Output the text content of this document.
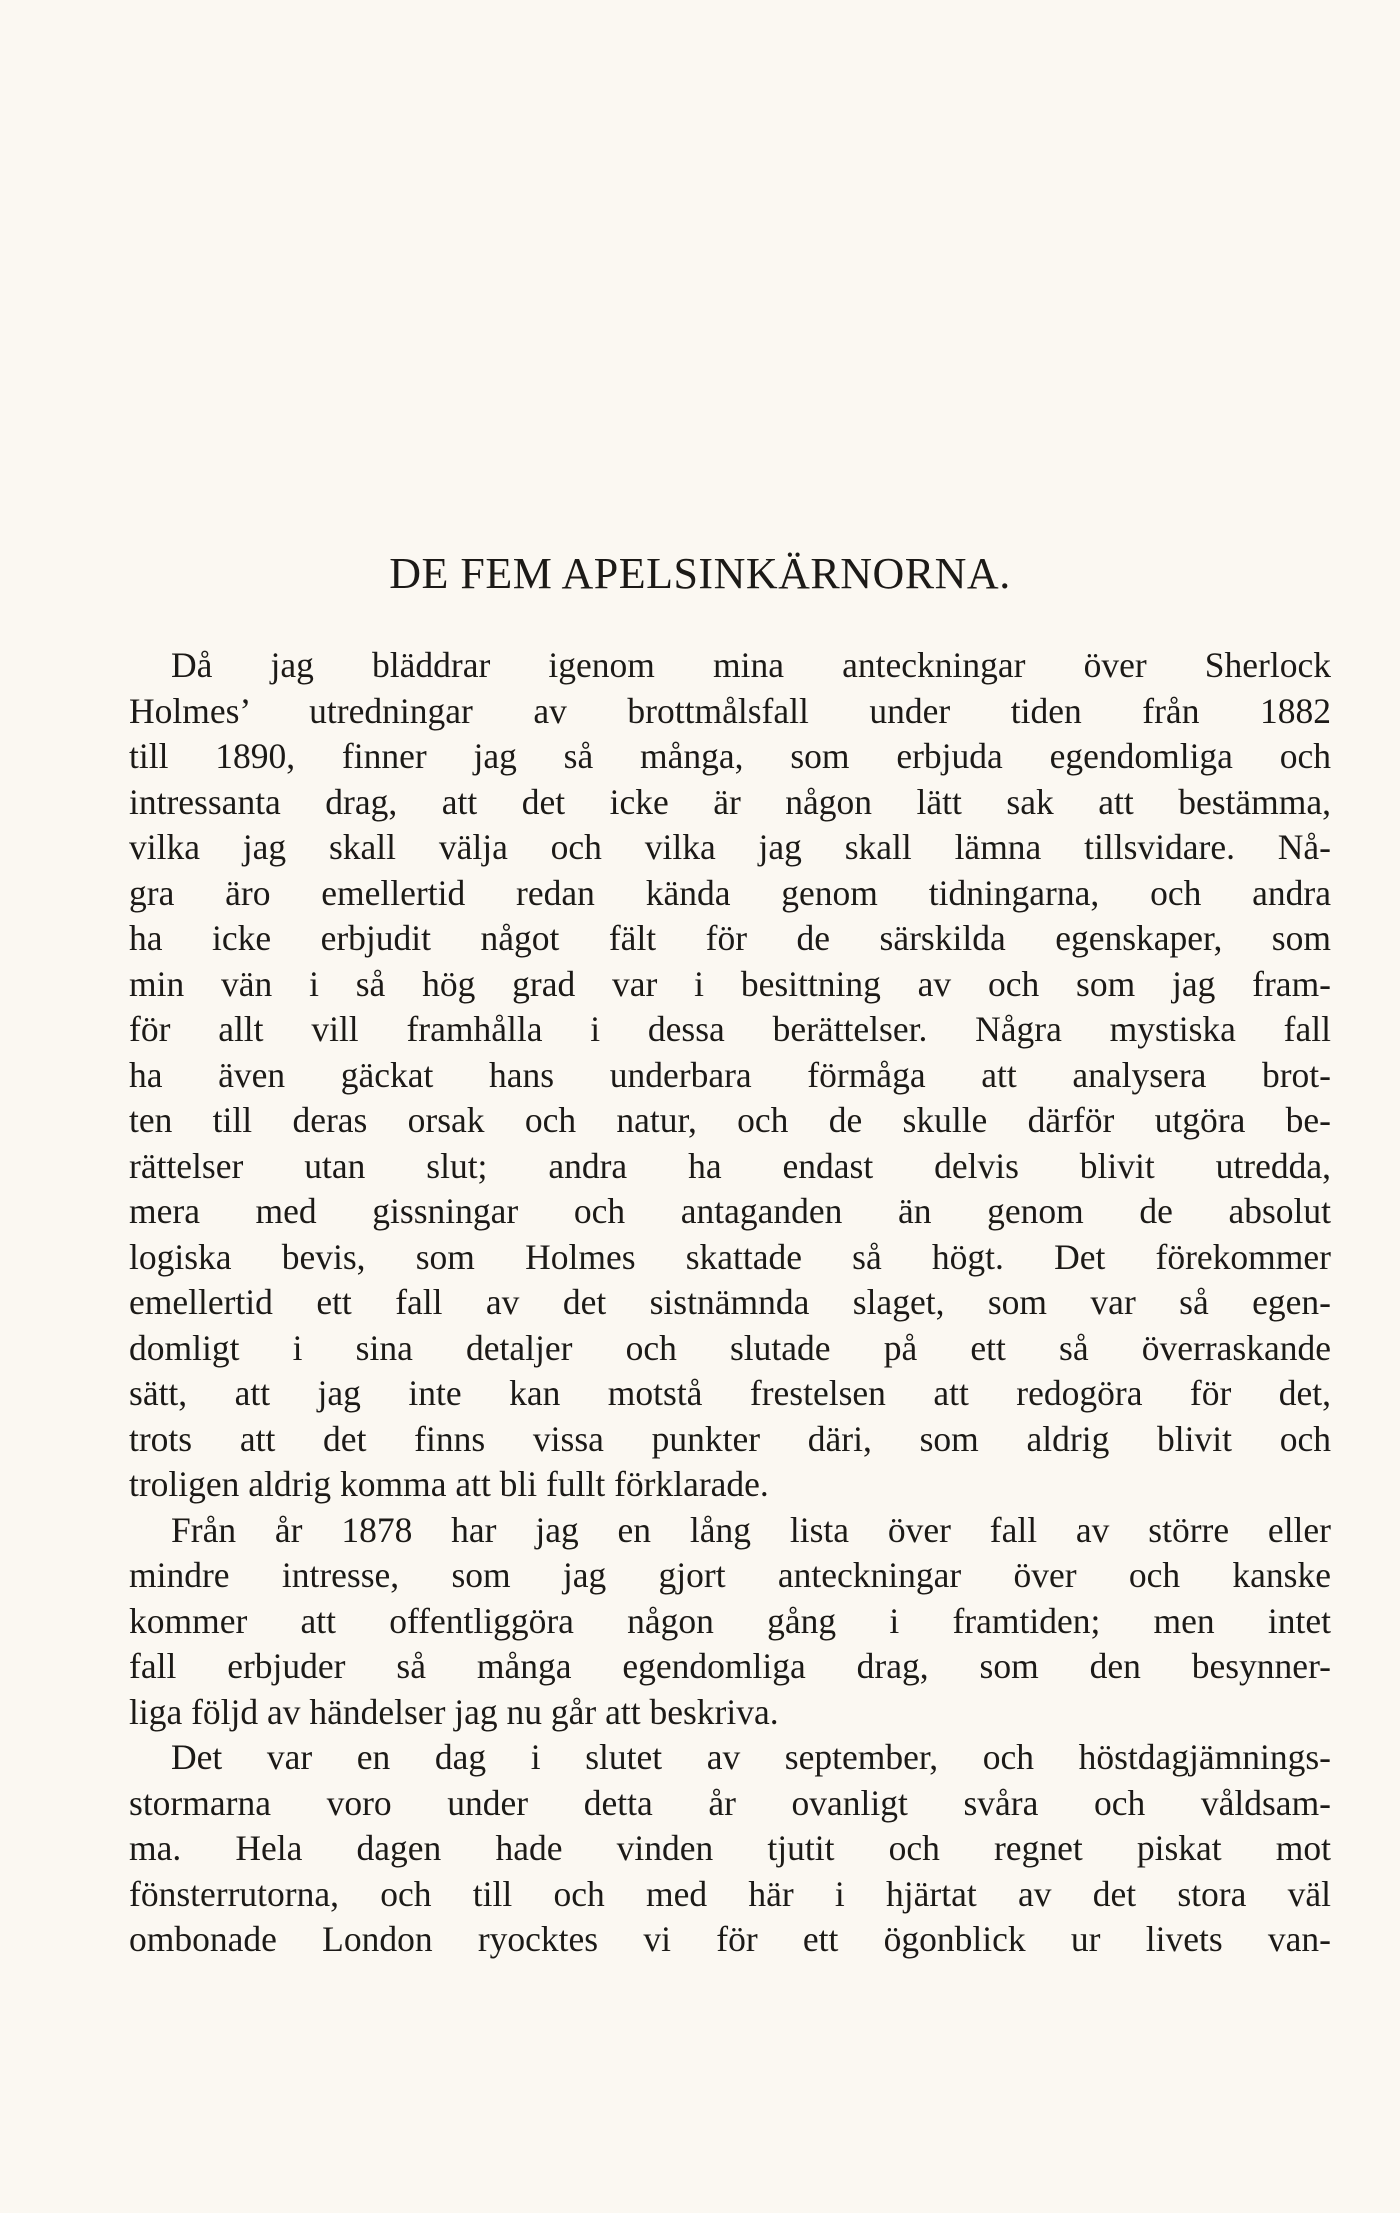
DE FEM APELSINKÄRNORNA.
Då jag bläddrar igenom mina anteckningar över Sherlock
Holmes’ utredningar av brottmålsfall under tiden från 1882
till 1890, finner jag så många, som erbjuda egendomliga och
intressanta drag, att det icke är någon lätt sak att bestämma,
vilka jag skall välja och vilka jag skall lämna tillsvidare. Nå-
gra äro emellertid redan kända genom tidningarna, och andra
ha icke erbjudit något fält för de särskilda egenskaper, som
min vän i så hög grad var i besittning av och som jag fram-
för allt vill framhålla i dessa berättelser. Några mystiska fall
ha även gäckat hans underbara förmåga att analysera brot-
ten till deras orsak och natur, och de skulle därför utgöra be-
rättelser utan slut; andra ha endast delvis blivit utredda,
mera med gissningar och antaganden än genom de absolut
logiska bevis, som Holmes skattade så högt. Det förekommer
emellertid ett fall av det sistnämnda slaget, som var så egen-
domligt i sina detaljer och slutade på ett så överraskande
sätt, att jag inte kan motstå frestelsen att redogöra för det,
trots att det finns vissa punkter däri, som aldrig blivit och
troligen aldrig komma att bli fullt förklarade.
Från år 1878 har jag en lång lista över fall av större eller
mindre intresse, som jag gjort anteckningar över och kanske
kommer att offentliggöra någon gång i framtiden; men intet
fall erbjuder så många egendomliga drag, som den besynner-
liga följd av händelser jag nu går att beskriva.
Det var en dag i slutet av september, och höstdagjämnings-
stormarna voro under detta år ovanligt svåra och våldsam-
ma. Hela dagen hade vinden tjutit och regnet piskat mot
fönsterrutorna, och till och med här i hjärtat av det stora väl
ombonade London ryocktes vi för ett ögonblick ur livets van-
